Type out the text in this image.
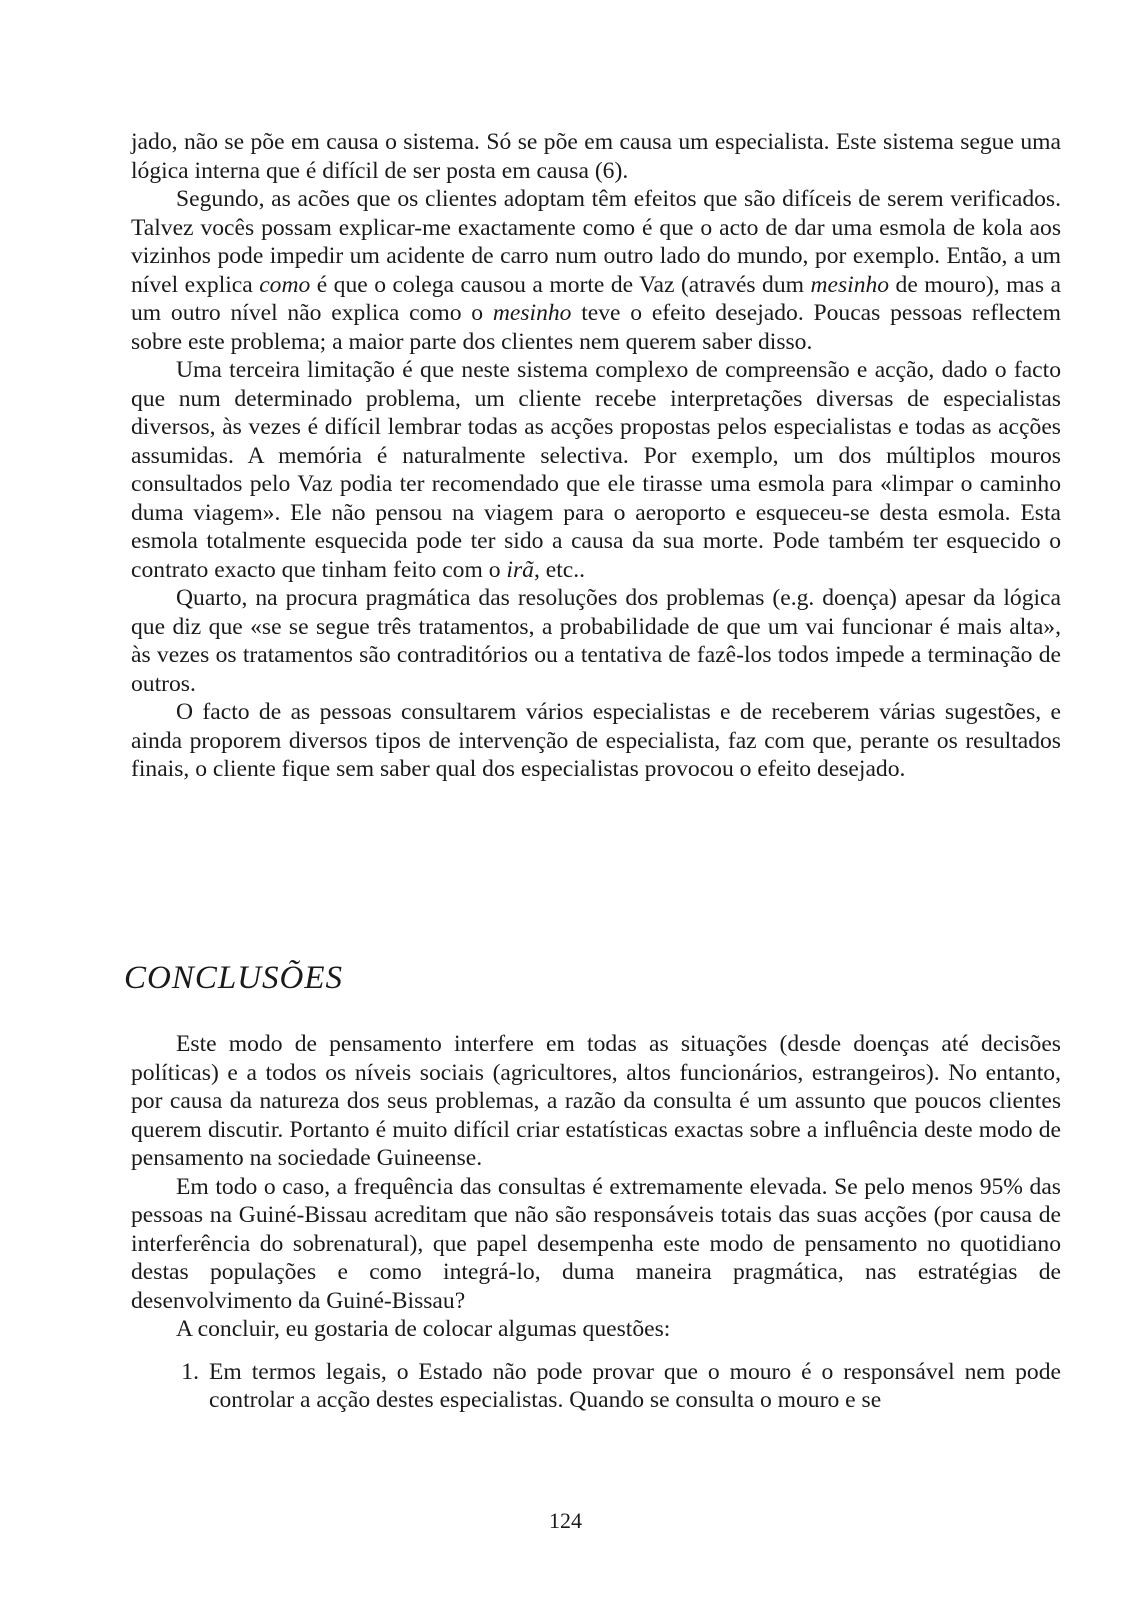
jado, não se põe em causa o sistema. Só se põe em causa um especialista. Este sistema segue uma lógica interna que é difícil de ser posta em causa (6).

Segundo, as acões que os clientes adoptam têm efeitos que são difíceis de serem verificados. Talvez vocês possam explicar-me exactamente como é que o acto de dar uma esmola de kola aos vizinhos pode impedir um acidente de carro num outro lado do mundo, por exemplo. Então, a um nível explica como é que o colega causou a morte de Vaz (através dum mesinho de mouro), mas a um outro nível não explica como o mesinho teve o efeito desejado. Poucas pessoas reflectem sobre este problema; a maior parte dos clientes nem querem saber disso.

Uma terceira limitação é que neste sistema complexo de compreensão e acção, dado o facto que num determinado problema, um cliente recebe interpretações diversas de especialistas diversos, às vezes é difícil lembrar todas as acções propostas pelos especialistas e todas as acções assumidas. A memória é naturalmente selectiva. Por exemplo, um dos múltiplos mouros consultados pelo Vaz podia ter recomendado que ele tirasse uma esmola para «limpar o caminho duma viagem». Ele não pensou na viagem para o aeroporto e esqueceu-se desta esmola. Esta esmola totalmente esquecida pode ter sido a causa da sua morte. Pode também ter esquecido o contrato exacto que tinham feito com o irã, etc..

Quarto, na procura pragmática das resoluções dos problemas (e.g. doença) apesar da lógica que diz que «se se segue três tratamentos, a probabilidade de que um vai funcionar é mais alta», às vezes os tratamentos são contraditórios ou a tentativa de fazê-los todos impede a terminação de outros.

O facto de as pessoas consultarem vários especialistas e de receberem várias sugestões, e ainda proporem diversos tipos de intervenção de especialista, faz com que, perante os resultados finais, o cliente fique sem saber qual dos especialistas provocou o efeito desejado.

CONCLUSÕES

Este modo de pensamento interfere em todas as situações (desde doenças até decisões políticas) e a todos os níveis sociais (agricultores, altos funcionários, estrangeiros). No entanto, por causa da natureza dos seus problemas, a razão da consulta é um assunto que poucos clientes querem discutir. Portanto é muito difícil criar estatísticas exactas sobre a influência deste modo de pensamento na sociedade Guineense.

Em todo o caso, a frequência das consultas é extremamente elevada. Se pelo menos 95% das pessoas na Guiné-Bissau acreditam que não são responsáveis totais das suas acções (por causa de interferência do sobrenatural), que papel desempenha este modo de pensamento no quotidiano destas populações e como integrá-lo, duma maneira pragmática, nas estratégias de desenvolvimento da Guiné-Bissau?

A concluir, eu gostaria de colocar algumas questões:

1. Em termos legais, o Estado não pode provar que o mouro é o responsável nem pode controlar a acção destes especialistas. Quando se consulta o mouro e se
124
